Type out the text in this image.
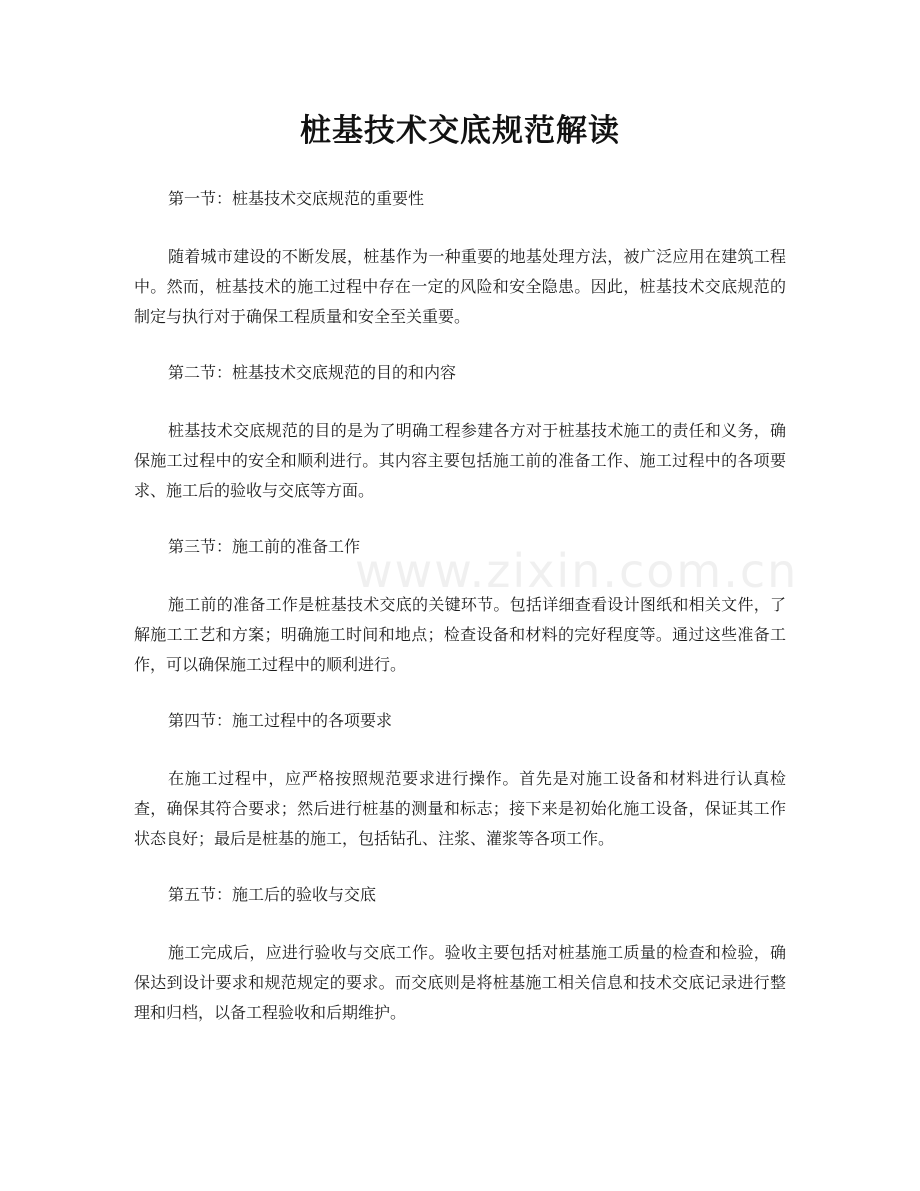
桩基技术交底规范解读

第一节：桩基技术交底规范的重要性

随着城市建设的不断发展，桩基作为一种重要的地基处理方法，被广泛应用在建筑工程中。然而，桩基技术的施工过程中存在一定的风险和安全隐患。因此，桩基技术交底规范的制定与执行对于确保工程质量和安全至关重要。

第二节：桩基技术交底规范的目的和内容

桩基技术交底规范的目的是为了明确工程参建各方对于桩基技术施工的责任和义务，确保施工过程中的安全和顺利进行。其内容主要包括施工前的准备工作、施工过程中的各项要求、施工后的验收与交底等方面。

第三节：施工前的准备工作

施工前的准备工作是桩基技术交底的关键环节。包括详细查看设计图纸和相关文件，了解施工工艺和方案；明确施工时间和地点；检查设备和材料的完好程度等。通过这些准备工作，可以确保施工过程中的顺利进行。

第四节：施工过程中的各项要求

在施工过程中，应严格按照规范要求进行操作。首先是对施工设备和材料进行认真检查，确保其符合要求；然后进行桩基的测量和标志；接下来是初始化施工设备，保证其工作状态良好；最后是桩基的施工，包括钻孔、注浆、灌浆等各项工作。

第五节：施工后的验收与交底

施工完成后，应进行验收与交底工作。验收主要包括对桩基施工质量的检查和检验，确保达到设计要求和规范规定的要求。而交底则是将桩基施工相关信息和技术交底记录进行整理和归档，以备工程验收和后期维护。

www.zixin.com.cn
